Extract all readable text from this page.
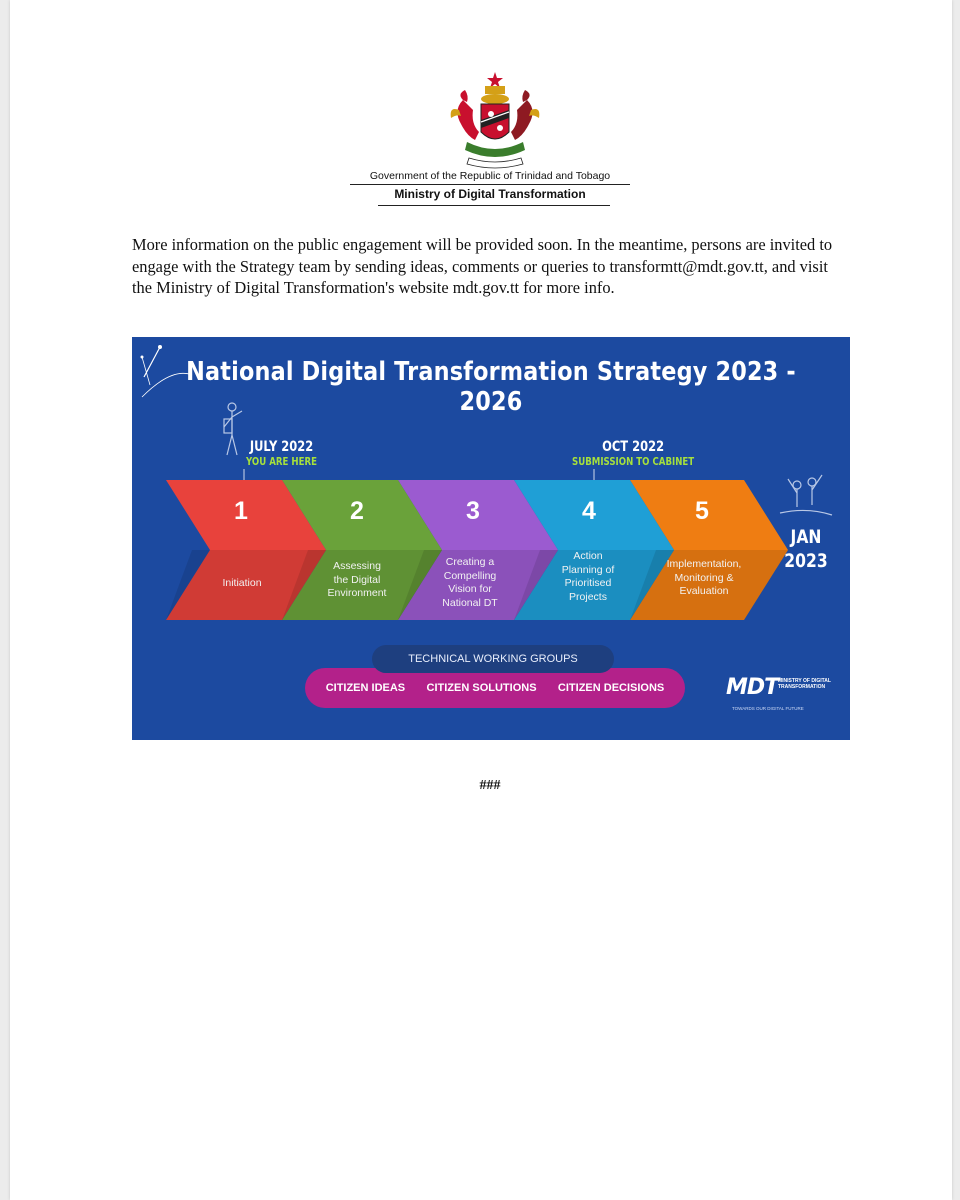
Government of the Republic of Trinidad and Tobago
Ministry of Digital Transformation

More information on the public engagement will be provided soon. In the meantime, persons are invited to engage with the Strategy team by sending ideas, comments or queries to transformtt@mdt.gov.tt, and visit the Ministry of Digital Transformation's website mdt.gov.tt for more info.

National Digital Transformation Strategy 2023 - 2026
JULY 2022
YOU ARE HERE
OCT 2022
SUBMISSION TO CABINET
JAN
2023
1	2	3	4	5
Initiation
Assessing
the Digital
Environment
Creating a
Compelling
Vision for
National DT
Action
Planning of
Prioritised
Projects
Implementation,
Monitoring &
Evaluation
CITIZEN IDEAS CITIZEN SOLUTIONS CITIZEN DECISIONS
TECHNICAL WORKING GROUPS
MDT MINISTRY OF DIGITAL TRANSFORMATION
TOWARDS OUR DIGITAL FUTURE
###
